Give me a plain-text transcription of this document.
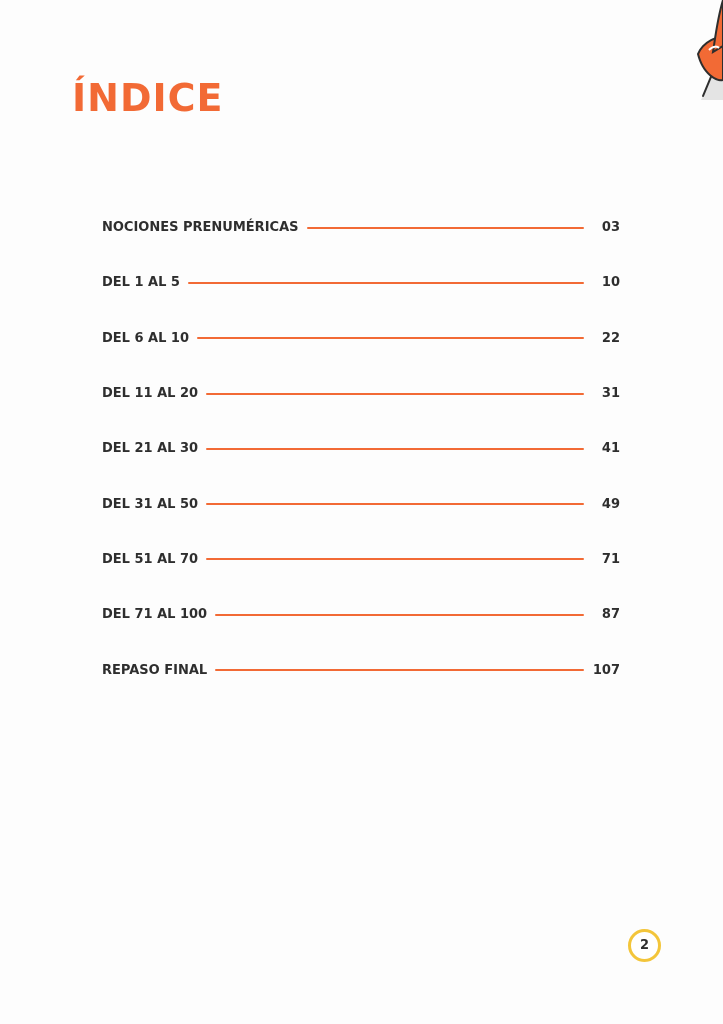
ÍNDICE
NOCIONES PRENUMÉRICAS	03
DEL 1 AL 5	10
DEL 6 AL 10	22
DEL 11 AL 20	31
DEL 21 AL 30	41
DEL 31 AL 50	49
DEL 51 AL 70	71
DEL 71 AL 100	87
REPASO FINAL	107
2
